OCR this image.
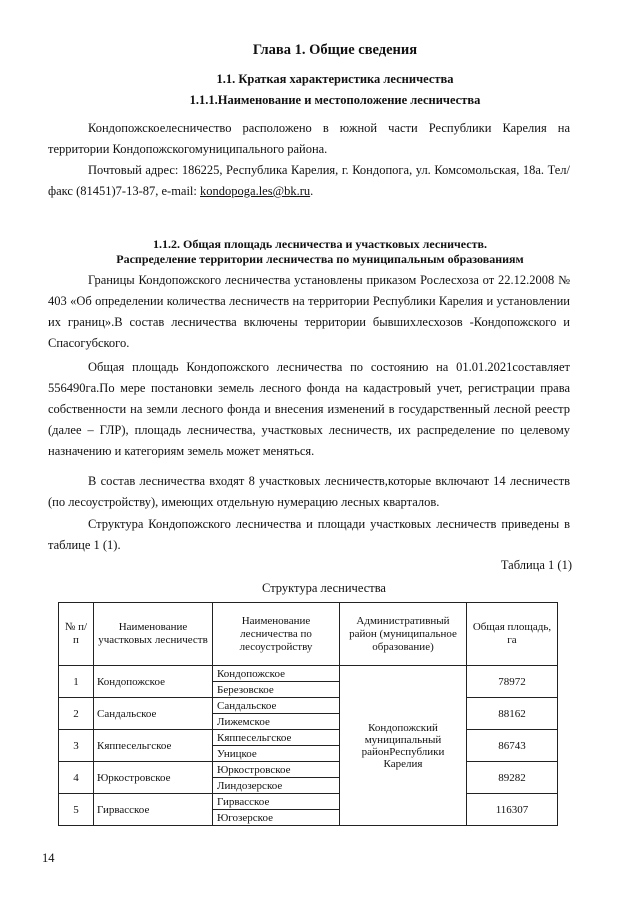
Глава 1. Общие сведения
1.1. Краткая характеристика лесничества
1.1.1.Наименование и местоположение лесничества
Кондопожскоелесничество расположено в южной части Республики Карелия на территории Кондопожскогомуниципального района.
Почтовый адрес: 186225, Республика Карелия, г. Кондопога, ул. Комсомольская, 18а. Тел/факс (81451)7-13-87, e-mail: kondopoga.les@bk.ru.
1.1.2. Общая площадь лесничества и участковых лесничеств.
Распределение территории лесничества по муниципальным образованиям
Границы Кондопожского лесничества установлены приказом Рослесхоза от 22.12.2008 № 403 «Об определении количества лесничеств на территории Республики Карелия и установлении их границ».В состав лесничества включены территории бывшихлесхозов -Кондопожского и Спасогубского.
Общая площадь Кондопожского лесничества по состоянию на 01.01.2021составляет 556490га.По мере постановки земель лесного фонда на кадастровый учет, регистрации права собственности на земли лесного фонда и внесения изменений в государственный лесной реестр (далее – ГЛР), площадь лесничества, участковых лесничеств, их распределение по целевому назначению и категориям земель может меняться.
В состав лесничества входят 8 участковых лесничеств,которые включают 14 лесничеств (по лесоустройству), имеющих отдельную нумерацию лесных кварталов.
Структура Кондопожского лесничества и площади участковых лесничеств приведены в таблице 1 (1).
Таблица 1 (1)
Структура лесничества
№ п/п	Наименование участковых лесничеств	Наименование лесничества по лесоустройству	Административный район (муниципальное образование)	Общая площадь, га
1	Кондопожское	Кондопожское	Кондопожский муниципальный районРеспублики Карелия	78972
		Березовское		
2	Сандальское	Сандальское		88162
		Лижемское		
3	Кяппесельгское	Кяппесельгское		86743
		Уницкое		
4	Юркостровское	Юркостровское		89282
		Линдозерское		
5	Гирвасское	Гирвасское		116307
		Югозерское		
14
